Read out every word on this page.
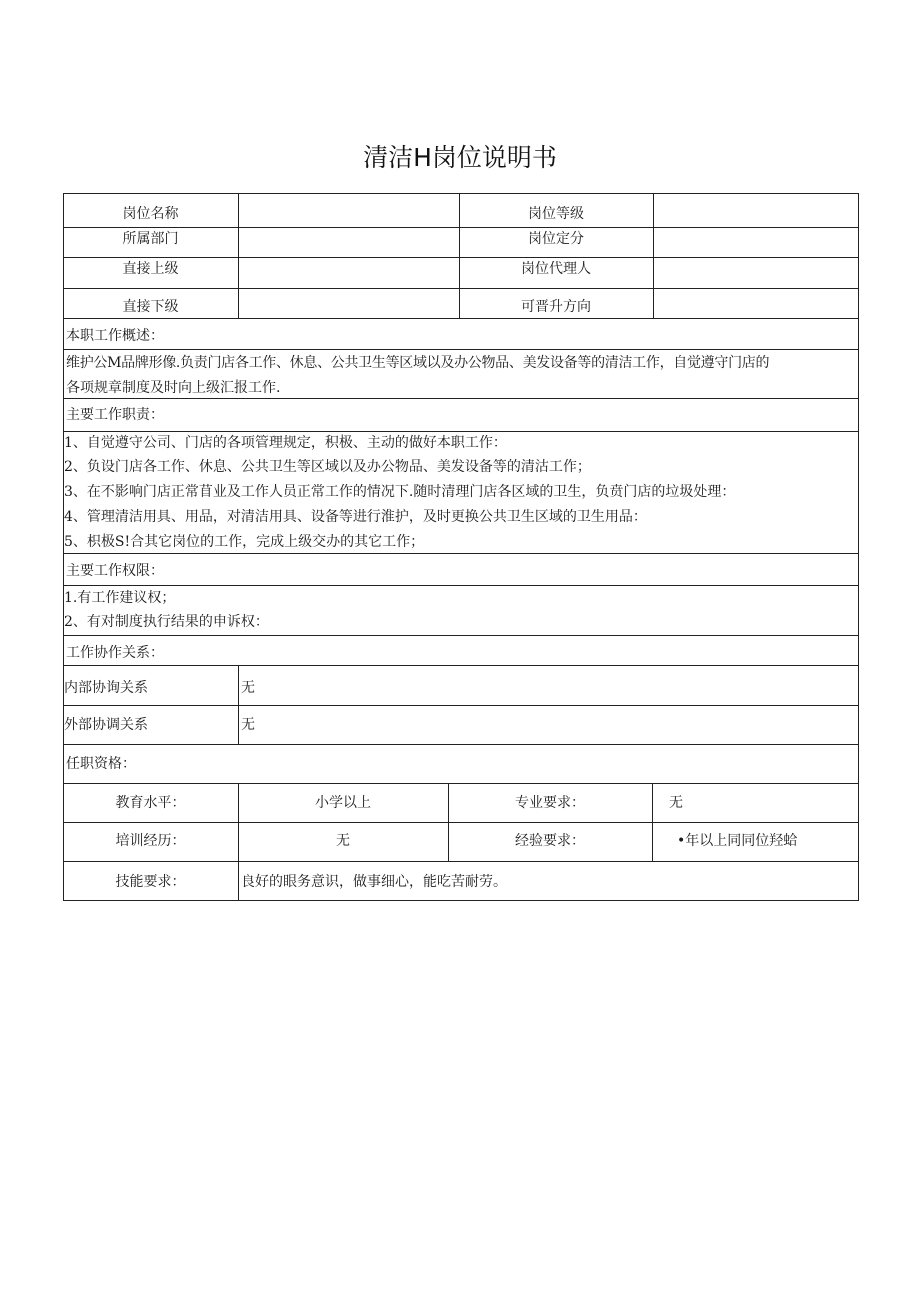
清洁H岗位说明书
岗位名称	岗位等级
所属部门	岗位定分
直接上级	岗位代理人
直接下级	可晋升方向
本职工作概述：
维护公M品牌形像.负责门店各工作、休息、公共卫生等区域以及办公物品、美发设备等的清洁工作，自觉遵守门店的
各项规章制度及时向上级汇报工作.
主要工作职责：
1、自觉遵守公司、门店的各项管理规定，积极、主动的做好本职工作：
2、负设门店各工作、休息、公共卫生等区域以及办公物品、美发设备等的清沽工作；
3、在不影响门店正常苜业及工作人员正常工作的情况下.随时清理门店各区域的卫生，负贲门店的垃圾处理：
4、管理清洁用具、用品，对清洁用具、设备等进行淮护，及时更换公共卫生区域的卫生用品：
5、枳极S!合其它岗位的工作，完成上级交办的其它工作；
主要工作权限：
1.有工作建议权；
2、有对制度执行结果的申诉权：
工作协作关系：
内部协询关系	无
外部协调关系	无
任职资格：
教育水平：	小学以上	专业要求：	无
培训经历：	无	经验要求：	•年以上同同位羟蛤
技能要求：	良好的眼务意识，做事细心，能吃苦耐劳。
